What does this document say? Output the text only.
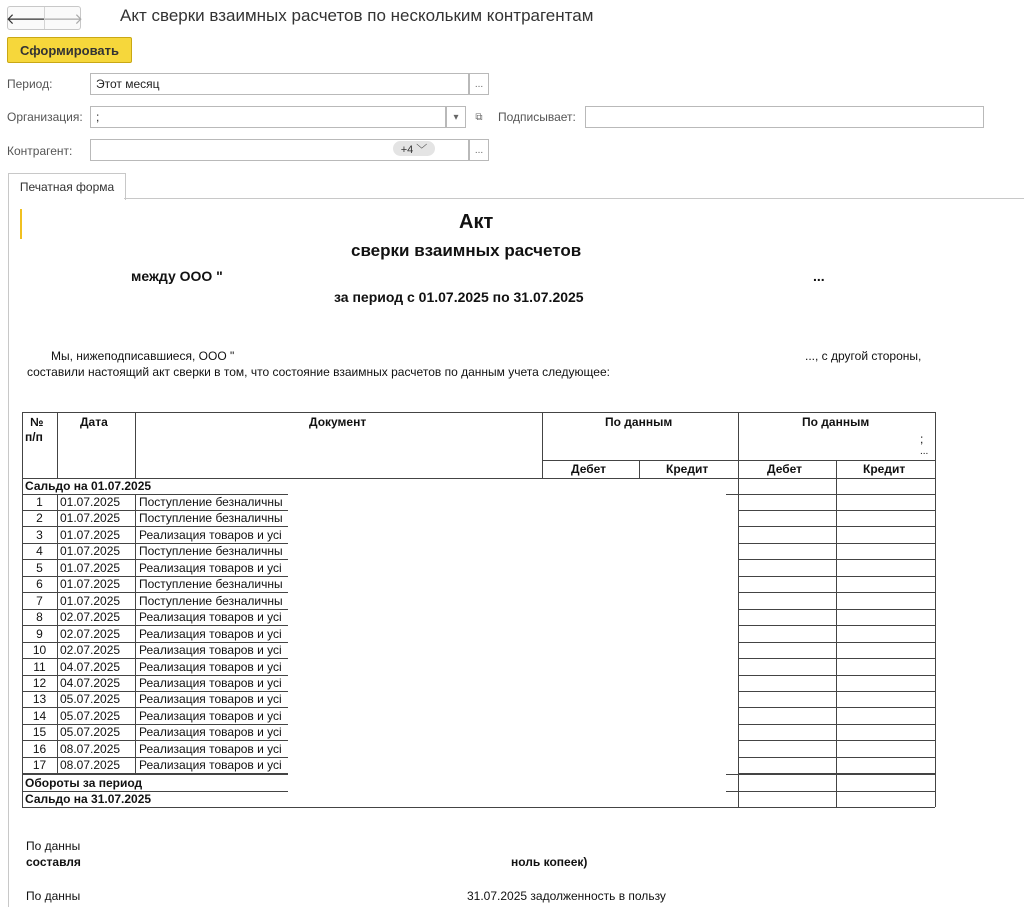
🡐
🡒 Акт сверки взаимных расчетов по нескольким контрагентам
Сформировать
Период:	Этот месяц	...
Организация:	;	▾ ⧉ Подписывает:
Контрагент:	+4 ﹀	...
Печатная форма
Акт
сверки взаимных расчетов
между ООО "	...
за период с 01.07.2025 по 31.07.2025
Мы, нижеподписавшиеся, ООО "	..., с другой стороны,
составили настоящий акт сверки в том, что состояние взаимных расчетов по данным учета следующее:
№
п/п
Дата	Документ	По данным	По данным
;
...
Дебет	Кредит	Дебет	Кредит
Сальдо на 01.07.2025
1	01.07.2025 Поступление безналичны
2	01.07.2025 Поступление безналичны
3	01.07.2025 Реализация товаров и усі
4	01.07.2025 Поступление безналичны
5	01.07.2025 Реализация товаров и усі
6	01.07.2025 Поступление безналичны
7	01.07.2025 Поступление безналичны
8	02.07.2025 Реализация товаров и усі
9	02.07.2025 Реализация товаров и усі
10	02.07.2025 Реализация товаров и усі
11	04.07.2025 Реализация товаров и усі
12	04.07.2025 Реализация товаров и усі
13	05.07.2025 Реализация товаров и усі
14	05.07.2025 Реализация товаров и усі
15	05.07.2025 Реализация товаров и усі
16	08.07.2025 Реализация товаров и усі
17	08.07.2025 Реализация товаров и усі
Обороты за период
Сальдо на 31.07.2025
По данны
составля	ноль копеек)
По данны	31.07.2025 задолженность в пользу
